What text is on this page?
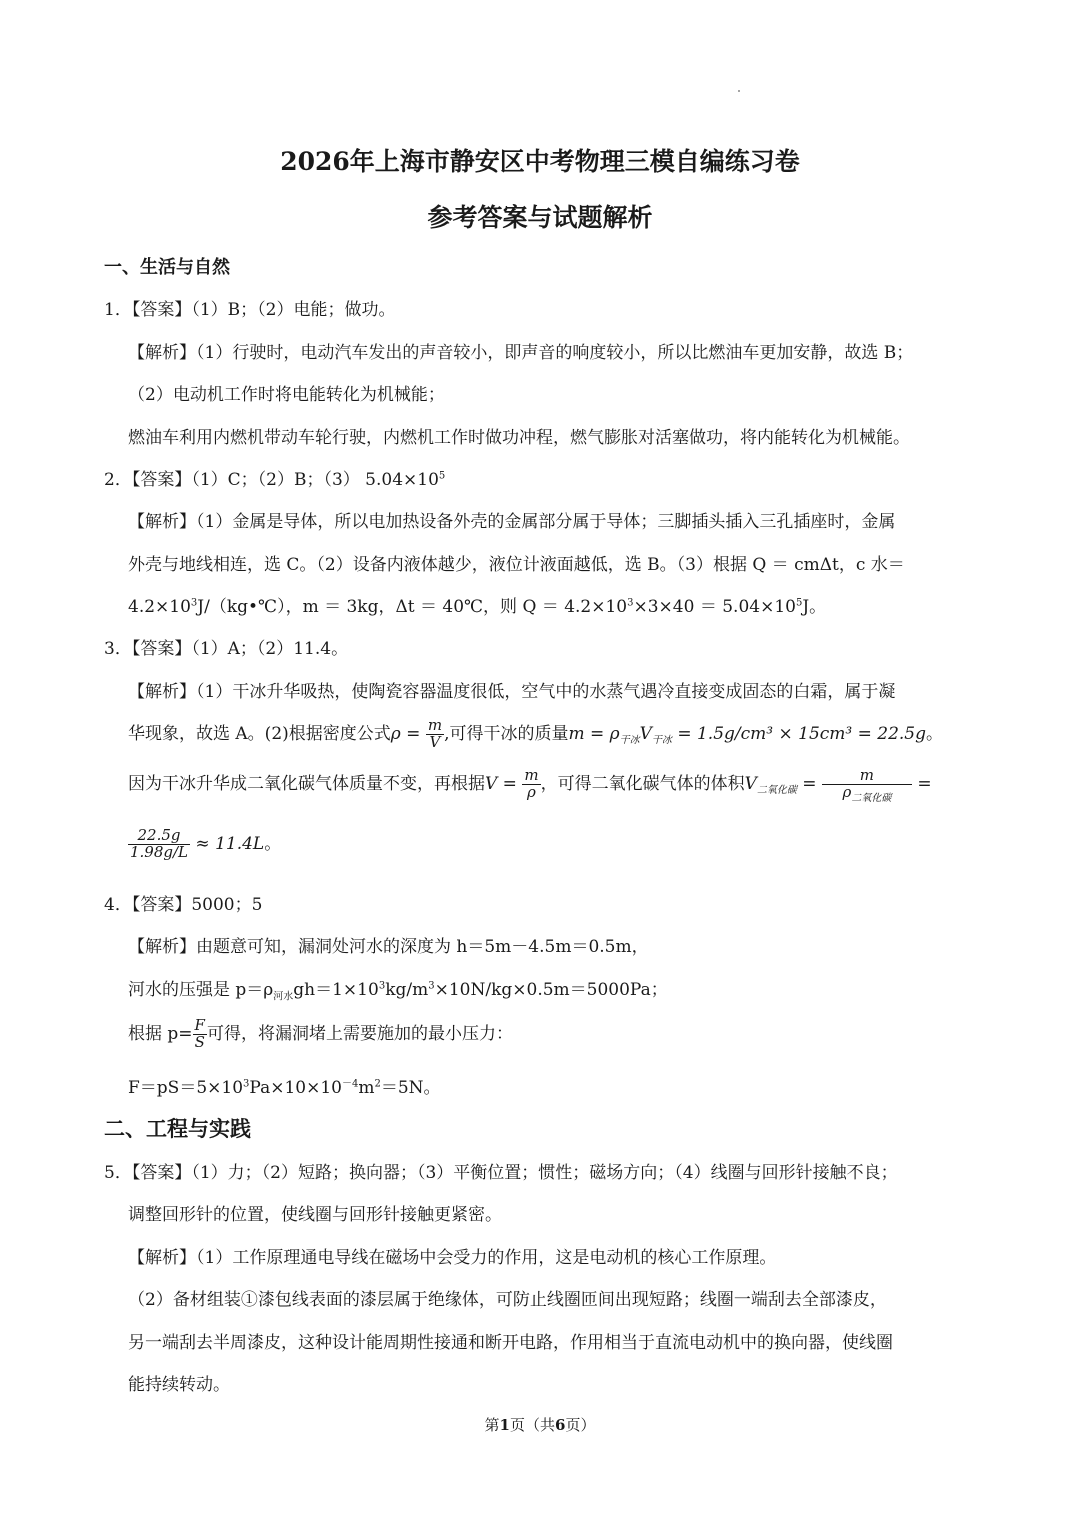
2026年上海市静安区中考物理三模自编练习卷
参考答案与试题解析
一、生活与自然
1．【答案】（1）B；（2）电能；做功。
【解析】（1）行驶时，电动汽车发出的声音较小，即声音的响度较小，所以比燃油车更加安静，故选 B；
（2）电动机工作时将电能转化为机械能；
燃油车利用内燃机带动车轮行驶，内燃机工作时做功冲程，燃气膨胀对活塞做功，将内能转化为机械能。
2．【答案】（1）C；（2）B；（3） $5.04\times 10^5$
【解析】（1）金属是导体，所以电加热设备外壳的金属部分属于导体；三脚插头插入三孔插座时，金属
外壳与地线相连，选 C。（2）设备内液体越少，液位计液面越低，选 B。（3）根据 Q ＝ cmΔt，c 水＝
$4.2\times 10^3J/(kg•℃)$，m ＝ 3kg，Δt ＝ 40℃，则 $Q = 4.2\times 10^3\times 3\times 40 = 5.04\times 10^5J$。
3．【答案】（1）A；（2）11.4。
【解析】（1）干冰升华吸热，使陶瓷容器温度很低，空气中的水蒸气遇冷直接变成固态的白霜，属于凝
华现象，故选 A。(2)根据密度公式$\rho = \frac{m}{V}$ ,可得干冰的质量$m = \rho_{干冰}V_{干冰} = 1.5g/cm^3 \times 15cm^3 = 22.5g$。
因为干冰升华成二氧化碳气体质量不变，再根据$V = \frac{m}{\rho}$ ，可得二氧化碳气体的体积$V_{二氧化碳} = \frac{m}{\rho_{二氧化碳}}$ =
$\frac{22.5g}{1.98g/L} \approx 11.4L$。
4．【答案】5000；5
【解析】由题意可知，漏洞处河水的深度为 h＝5m－4.5m＝0.5m，
河水的压强是 $p=\rho_{河水}gh=1\times 10^3kg/m^3\times 10N/kg\times 0.5m=5000Pa$；
根据 $p= \frac{F}{S}$ 可得，将漏洞堵上需要施加的最小压力：
$F=pS=5\times 10^3Pa\times 10\times 10^{-4}m^2=5N$。
二、工程与实践
5．【答案】（1）力；（2）短路；换向器；（3）平衡位置；惯性；磁场方向；（4）线圈与回形针接触不良；
调整回形针的位置，使线圈与回形针接触更紧密。
【解析】（1）工作原理通电导线在磁场中会受力的作用，这是电动机的核心工作原理。
（2）备材组装①漆包线表面的漆层属于绝缘体，可防止线圈匝间出现短路；线圈一端刮去全部漆皮，
另一端刮去半周漆皮，这种设计能周期性接通和断开电路，作用相当于直流电动机中的换向器，使线圈
能持续转动。
第1页（共6页）
